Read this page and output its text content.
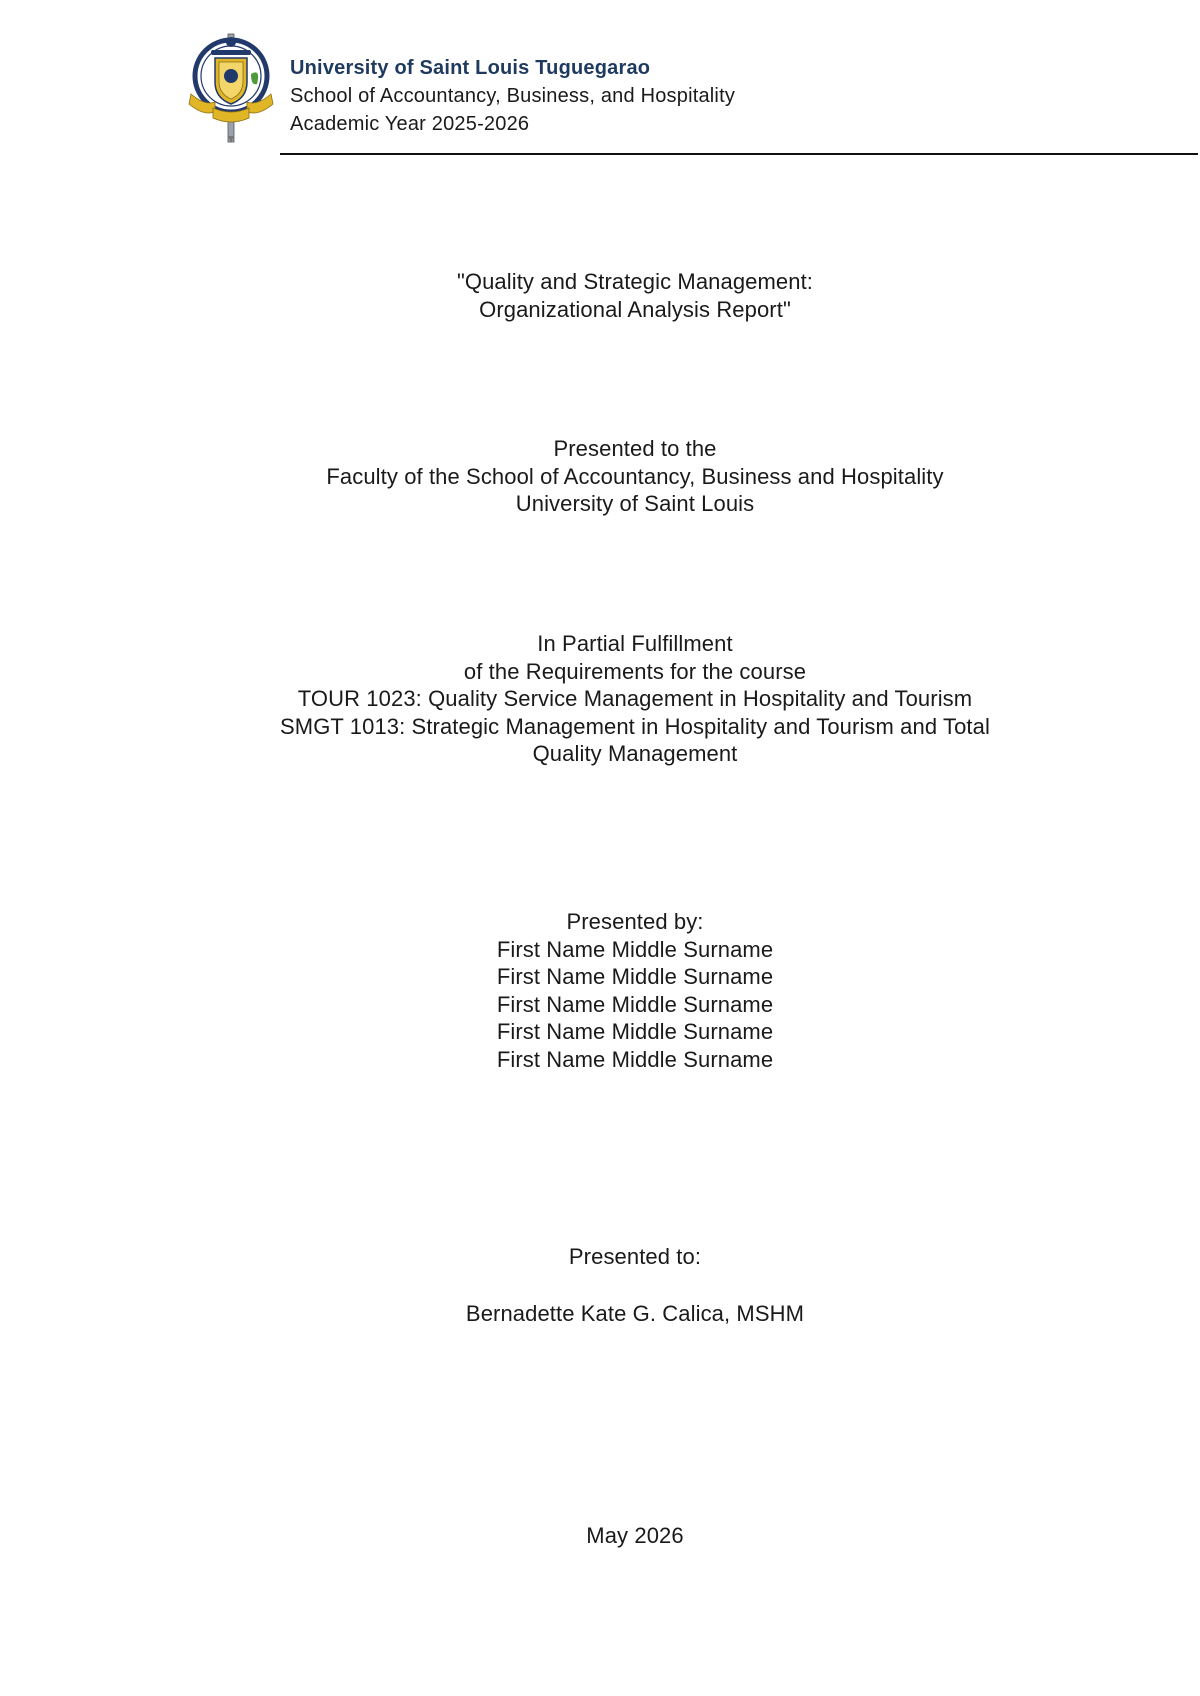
University of Saint Louis Tuguegarao
School of Accountancy, Business, and Hospitality
Academic Year 2025-2026
"Quality and Strategic Management:
Organizational Analysis Report"
Presented to the
Faculty of the School of Accountancy, Business and Hospitality
University of Saint Louis
In Partial Fulfillment
of the Requirements for the course
TOUR 1023: Quality Service Management in Hospitality and Tourism
SMGT 1013: Strategic Management in Hospitality and Tourism and Total
Quality Management
Presented by:
First Name Middle Surname
First Name Middle Surname
First Name Middle Surname
First Name Middle Surname
First Name Middle Surname
Presented to:
Bernadette Kate G. Calica, MSHM
May 2026
